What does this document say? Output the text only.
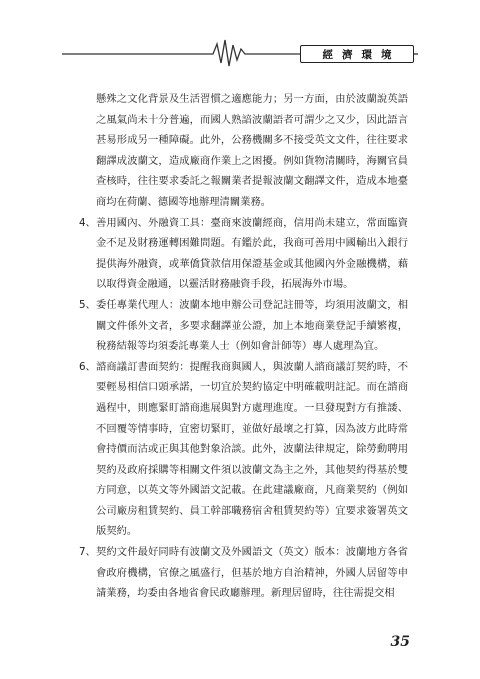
經濟環境

懸殊之文化背景及生活習慣之適應能力；另一方面，由於波蘭說英語之風氣尚未十分普遍，而國人熟諳波蘭語者可謂少之又少，因此語言甚易形成另一種障礙。此外，公務機關多不接受英文文件，往往要求翻譯成波蘭文，造成廠商作業上之困擾。例如貨物清關時，海關官員查核時，往往要求委託之報關業者提報波蘭文翻譯文件，造成本地臺商均在荷蘭、德國等地辦理清關業務。

4、 善用國內、外融資工具：臺商來波蘭經商，信用尚未建立，常面臨資金不足及財務運轉困難問題。有鑑於此，我商可善用中國輸出入銀行提供海外融資，或華僑貸款信用保證基金或其他國內外金融機構，藉以取得資金融通，以靈活財務融資手段，拓展海外市場。
5、 委任專業代理人：波蘭本地申辦公司登記註冊等，均須用波蘭文，相關文件係外文者，多要求翻譯並公證，加上本地商業登記手續繁複，稅務結報等均須委託專業人士（例如會計師等）專人處理為宜。
6、 諮商議訂書面契約：提醒我商與國人，與波蘭人諮商議訂契約時，不要輕易相信口頭承諾，一切宜於契約協定中明確載明註記。而在諮商過程中，則應緊盯諮商進展與對方處理進度。一旦發現對方有推諉、不回覆等情事時，宜密切緊盯，並做好最壞之打算，因為波方此時常會持價而沽或正與其他對象洽談。此外，波蘭法律規定，除勞動聘用契約及政府採購等相關文件須以波蘭文為主之外，其他契約得基於雙方同意，以英文等外國語文記載。在此建議廠商，凡商業契約（例如公司廠房租賃契約、員工幹部職務宿舍租賃契約等）宜要求簽署英文版契約。
7、 契約文件最好同時有波蘭文及外國語文（英文）版本：波蘭地方各省會政府機構，官僚之風盛行，但基於地方自治精神，外國人居留等申請業務，均委由各地省會民政廳辦理。新理居留時，往往需提交相
35
